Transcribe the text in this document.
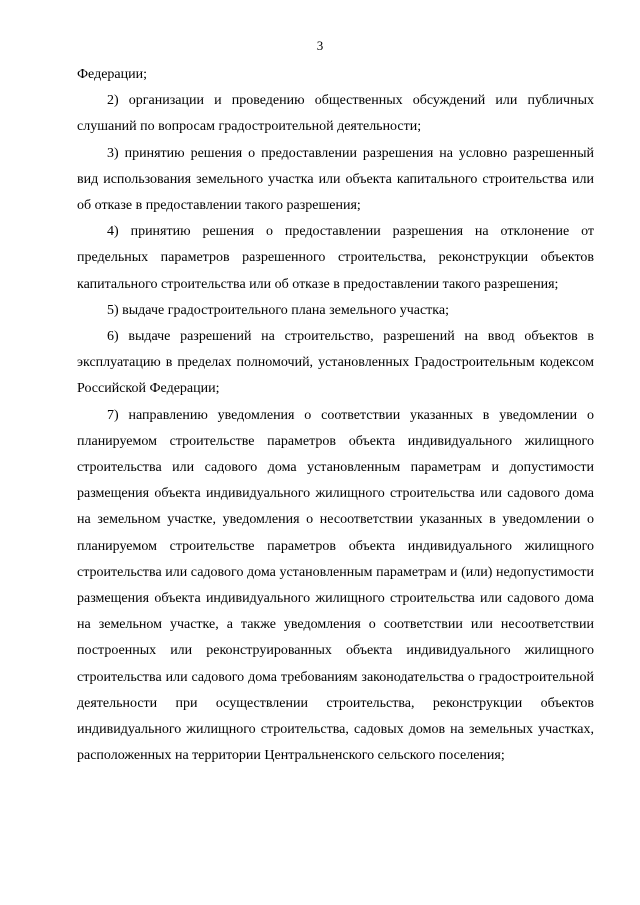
3

Федерации;

2) организации и проведению общественных обсуждений или публичных слушаний по вопросам градостроительной деятельности;

3) принятию решения о предоставлении разрешения на условно разрешенный вид использования земельного участка или объекта капитального строительства или об отказе в предоставлении такого разрешения;

4) принятию решения о предоставлении разрешения на отклонение от предельных параметров разрешенного строительства, реконструкции объектов капитального строительства или об отказе в предоставлении такого разрешения;

5) выдаче градостроительного плана земельного участка;

6) выдаче разрешений на строительство, разрешений на ввод объектов в эксплуатацию в пределах полномочий, установленных Градостроительным кодексом Российской Федерации;

7) направлению уведомления о соответствии указанных в уведомлении о планируемом строительстве параметров объекта индивидуального жилищного строительства или садового дома установленным параметрам и допустимости размещения объекта индивидуального жилищного строительства или садового дома на земельном участке, уведомления о несоответствии указанных в уведомлении о планируемом строительстве параметров объекта индивидуального жилищного строительства или садового дома установленным параметрам и (или) недопустимости размещения объекта индивидуального жилищного строительства или садового дома на земельном участке, а также уведомления о соответствии или несоответствии построенных или реконструированных объекта индивидуального жилищного строительства или садового дома требованиям законодательства о градостроительной деятельности при осуществлении строительства, реконструкции объектов индивидуального жилищного строительства, садовых домов на земельных участках, расположенных на территории Центральненского сельского поселения;
